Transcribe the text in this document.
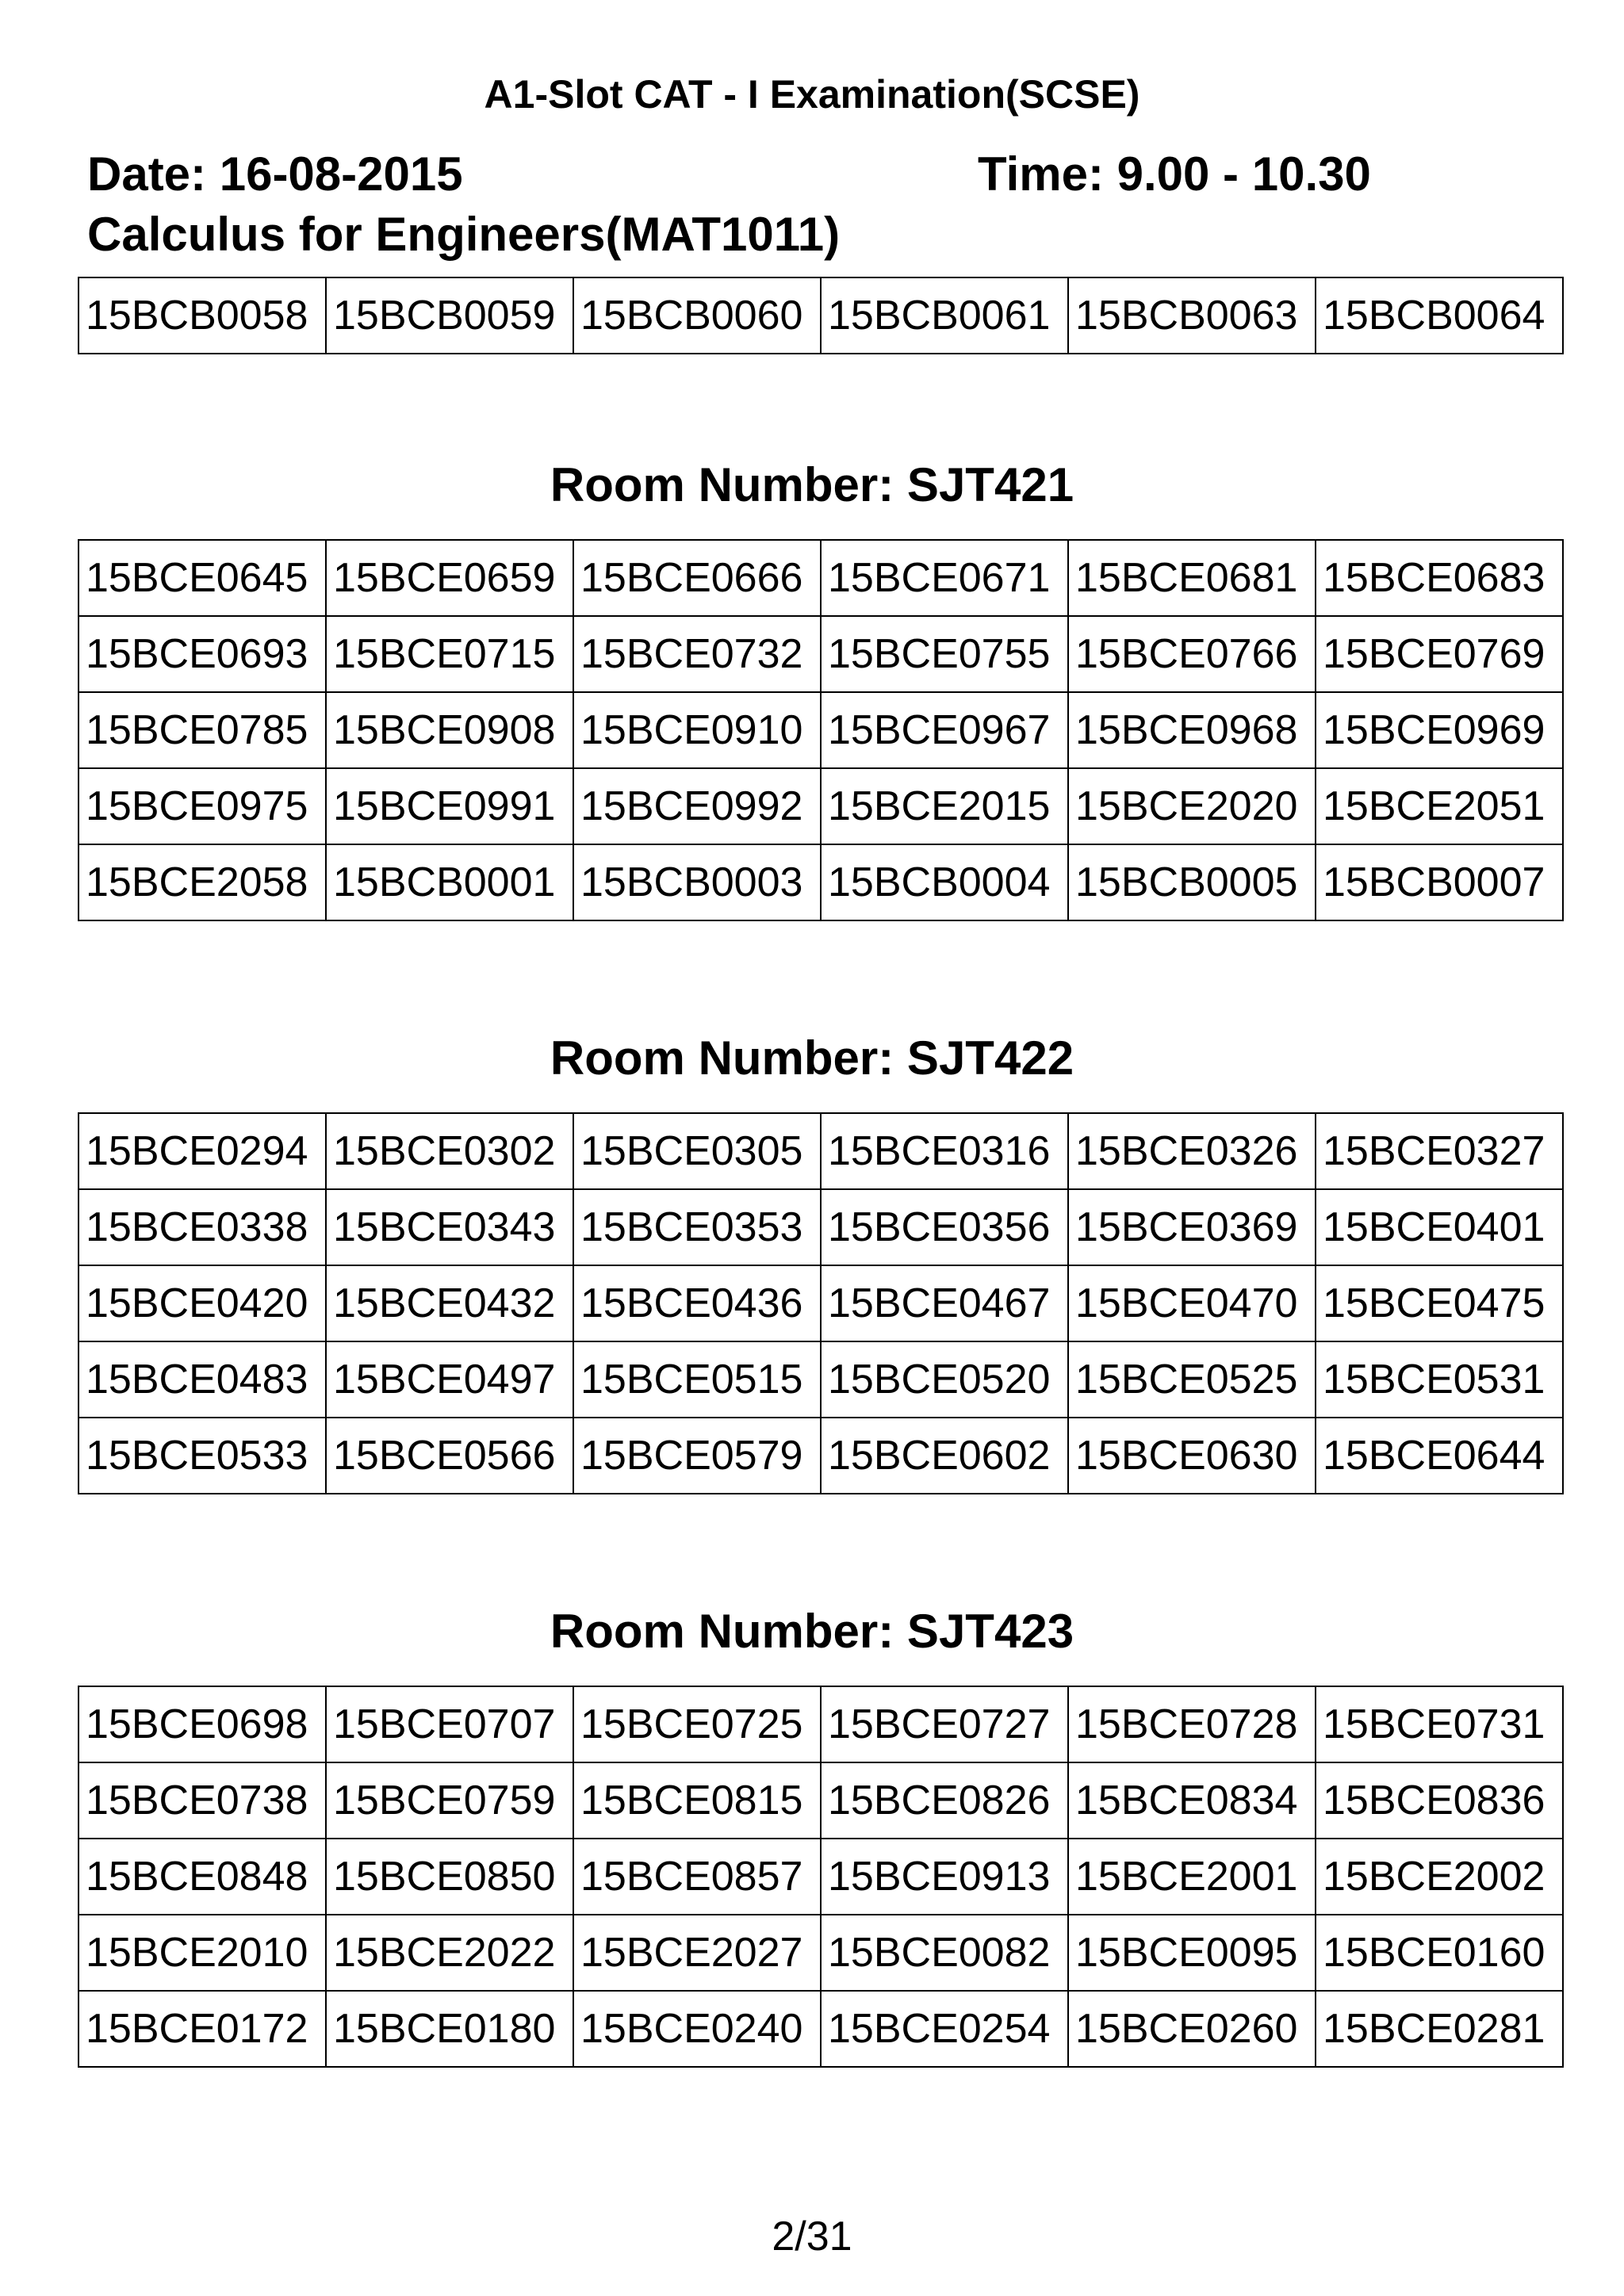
A1-Slot CAT - I Examination(SCSE)
Date: 16-08-2015	Time: 9.00 - 10.30
Calculus for Engineers(MAT1011)
15BCB0058	15BCB0059	15BCB0060	15BCB0061	15BCB0063	15BCB0064
Room Number: SJT421
15BCE0645	15BCE0659	15BCE0666	15BCE0671	15BCE0681	15BCE0683
15BCE0693	15BCE0715	15BCE0732	15BCE0755	15BCE0766	15BCE0769
15BCE0785	15BCE0908	15BCE0910	15BCE0967	15BCE0968	15BCE0969
15BCE0975	15BCE0991	15BCE0992	15BCE2015	15BCE2020	15BCE2051
15BCE2058	15BCB0001	15BCB0003	15BCB0004	15BCB0005	15BCB0007
Room Number: SJT422
15BCE0294	15BCE0302	15BCE0305	15BCE0316	15BCE0326	15BCE0327
15BCE0338	15BCE0343	15BCE0353	15BCE0356	15BCE0369	15BCE0401
15BCE0420	15BCE0432	15BCE0436	15BCE0467	15BCE0470	15BCE0475
15BCE0483	15BCE0497	15BCE0515	15BCE0520	15BCE0525	15BCE0531
15BCE0533	15BCE0566	15BCE0579	15BCE0602	15BCE0630	15BCE0644
Room Number: SJT423
15BCE0698	15BCE0707	15BCE0725	15BCE0727	15BCE0728	15BCE0731
15BCE0738	15BCE0759	15BCE0815	15BCE0826	15BCE0834	15BCE0836
15BCE0848	15BCE0850	15BCE0857	15BCE0913	15BCE2001	15BCE2002
15BCE2010	15BCE2022	15BCE2027	15BCE0082	15BCE0095	15BCE0160
15BCE0172	15BCE0180	15BCE0240	15BCE0254	15BCE0260	15BCE0281
2/31
